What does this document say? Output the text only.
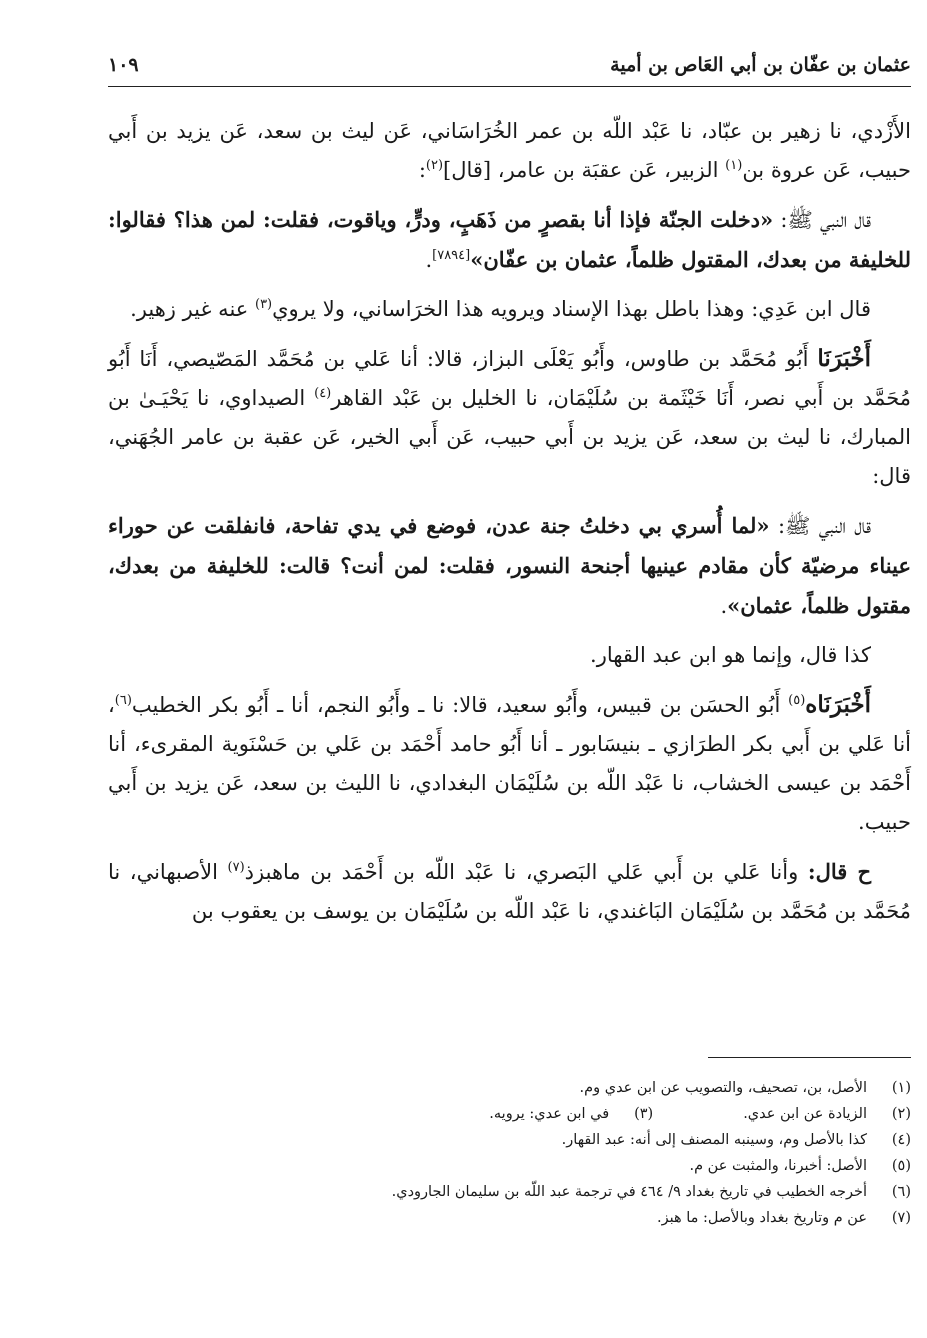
عثمان بن عفّان بن أبي العَاص بن أمية
١٠٩

الأَزْدي، نا زهير بن عبّاد، نا عَبْد اللّه بن عمر الخُرَاسَاني، عَن ليث بن سعد، عَن يزيد بن أَبي حبيب، عَن عروة بن$^{(١)}$ الزبير، عَن عقبَة بن عامر، [قال]$^{(٢)}$:

قال النبي ﷺ: «دخلت الجنّة فإذا أنا بقصرٍ من ذَهَبٍ، ودرٍّ، وياقوت، فقلت: لمن هذا؟ فقالوا: للخليفة من بعدك، المقتول ظلماً، عثمان بن عفّان»[٧٨٩٤].

قال ابن عَدِي: وهذا باطل بهذا الإسناد ويرويه هذا الخرَاساني، ولا يروي$^{(٣)}$ عنه غير زهير.

أَخْبَرَنَا أَبُو مُحَمَّد بن طاوس، وأَبُو يَعْلَى البزاز، قالا: أنا عَلي بن مُحَمَّد المَصّيصي، أَنَا أَبُو مُحَمَّد بن أَبي نصر، أَنَا خَيْثَمة بن سُلَيْمَان، نا الخليل بن عَبْد القاهر$^{(٤)}$ الصيداوي، نا يَحْيَـىٰ بن المبارك، نا ليث بن سعد، عَن يزيد بن أَبي حبيب، عَن أَبي الخير، عَن عقبة بن عامر الجُهَني، قال:

قال النبي ﷺ: «لما أُسري بي دخلتُ جنة عدن، فوضع في يدي تفاحة، فانفلقت عن حوراء عيناء مرضيّة كأن مقادم عينيها أجنحة النسور، فقلت: لمن أنت؟ قالت: للخليفة من بعدك، مقتول ظلماً، عثمان».

كذا قال، وإنما هو ابن عبد القهار.

أَخْبَرَنَاه$^{(٥)}$ أَبُو الحسَن بن قبيس، وأَبُو سعيد، قالا: نا ـ وأَبُو النجم، أنا ـ أَبُو بكر الخطيب$^{(٦)}$، أنا عَلي بن أَبي بكر الطرَازي ـ بنيسَابور ـ أنا أَبُو حامد أَحْمَد بن عَلي بن حَسْنَوية المقرىء، أنا أَحْمَد بن عيسى الخشاب، نا عَبْد اللّه بن سُلَيْمَان البغدادي، نا الليث بن سعد، عَن يزيد بن أَبي حبيب.

ح قال: وأنا عَلي بن أَبي عَلي البَصري، نا عَبْد اللّه بن أَحْمَد بن ماهبزذ$^{(٧)}$ الأصبهاني، نا مُحَمَّد بن مُحَمَّد بن سُلَيْمَان البَاغندي، نا عَبْد اللّه بن سُلَيْمَان بن يوسف بن يعقوب بن

(١)الأصل، بن، تصحيف، والتصويب عن ابن عدي وم.
(٢)الزيادة عن ابن عدي.(٣)في ابن عدي: يرويه.
(٤)كذا بالأصل وم، وسينبه المصنف إلى أنه: عبد القهار.
(٥)الأصل: أخبرنا، والمثبت عن م.
(٦)أخرجه الخطيب في تاريخ بغداد ٩/ ٤٦٤ في ترجمة عبد اللّه بن سليمان الجارودي.
(٧)عن م وتاريخ بغداد وبالأصل: ما هبز.
